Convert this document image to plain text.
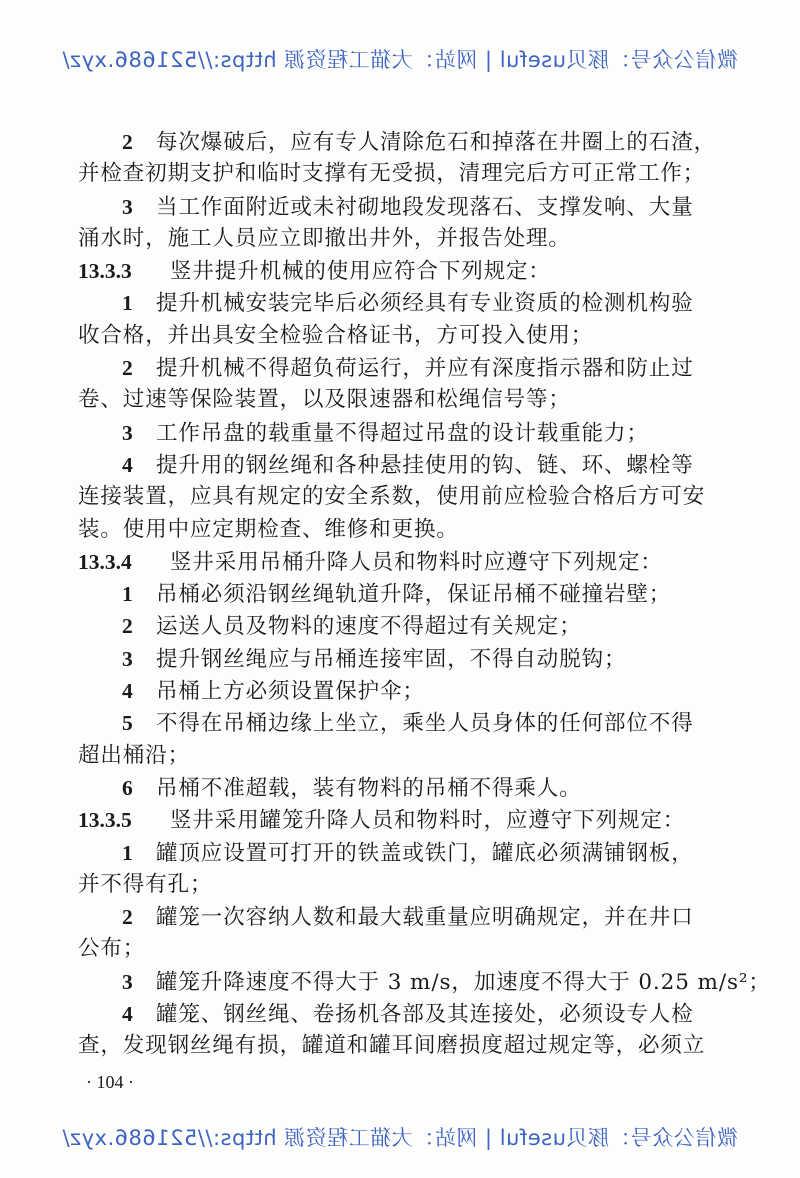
微信公众号：豚贝useful | 网站：大猫工程资源 https://521686.xyz/
2 每次爆破后，应有专人清除危石和掉落在井圈上的石渣，
并检查初期支护和临时支撑有无受损，清理完后方可正常工作；
3 当工作面附近或未衬砌地段发现落石、支撑发响、大量
涌水时，施工人员应立即撤出井外，并报告处理。
13.3.3 竖井提升机械的使用应符合下列规定：
1 提升机械安装完毕后必须经具有专业资质的检测机构验
收合格，并出具安全检验合格证书，方可投入使用；
2 提升机械不得超负荷运行，并应有深度指示器和防止过
卷、过速等保险装置，以及限速器和松绳信号等；
3 工作吊盘的载重量不得超过吊盘的设计载重能力；
4 提升用的钢丝绳和各种悬挂使用的钩、链、环、螺栓等
连接装置，应具有规定的安全系数，使用前应检验合格后方可安
装。使用中应定期检查、维修和更换。
13.3.4 竖井采用吊桶升降人员和物料时应遵守下列规定：
1 吊桶必须沿钢丝绳轨道升降，保证吊桶不碰撞岩壁；
2 运送人员及物料的速度不得超过有关规定；
3 提升钢丝绳应与吊桶连接牢固，不得自动脱钩；
4 吊桶上方必须设置保护伞；
5 不得在吊桶边缘上坐立，乘坐人员身体的任何部位不得
超出桶沿；
6 吊桶不准超载，装有物料的吊桶不得乘人。
13.3.5 竖井采用罐笼升降人员和物料时，应遵守下列规定：
1 罐顶应设置可打开的铁盖或铁门，罐底必须满铺钢板，
并不得有孔；
2 罐笼一次容纳人数和最大载重量应明确规定，并在井口
公布；
3 罐笼升降速度不得大于 3 m/s，加速度不得大于 0.25 m/s²；
4 罐笼、钢丝绳、卷扬机各部及其连接处，必须设专人检
查，发现钢丝绳有损，罐道和罐耳间磨损度超过规定等，必须立
· 104 ·
微信公众号：豚贝useful | 网站：大猫工程资源 https://521686.xyz/
